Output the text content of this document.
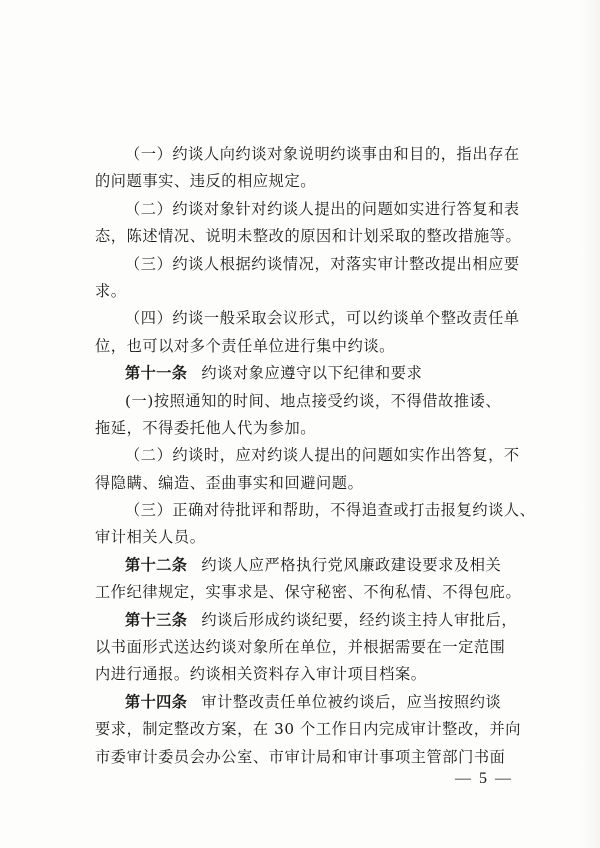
（一）约谈人向约谈对象说明约谈事由和目的，指出存在
的问题事实、违反的相应规定。
（二）约谈对象针对约谈人提出的问题如实进行答复和表
态，陈述情况、说明未整改的原因和计划采取的整改措施等。
（三）约谈人根据约谈情况，对落实审计整改提出相应要
求。
（四）约谈一般采取会议形式，可以约谈单个整改责任单
位，也可以对多个责任单位进行集中约谈。
第十一条 约谈对象应遵守以下纪律和要求
(一)按照通知的时间、地点接受约谈，不得借故推诿、
拖延，不得委托他人代为参加。
（二）约谈时，应对约谈人提出的问题如实作出答复，不
得隐瞒、编造、歪曲事实和回避问题。
（三）正确对待批评和帮助，不得追查或打击报复约谈人、
审计相关人员。
第十二条 约谈人应严格执行党风廉政建设要求及相关
工作纪律规定，实事求是、保守秘密、不徇私情、不得包庇。
第十三条 约谈后形成约谈纪要，经约谈主持人审批后，
以书面形式送达约谈对象所在单位，并根据需要在一定范围
内进行通报。约谈相关资料存入审计项目档案。
第十四条 审计整改责任单位被约谈后，应当按照约谈
要求，制定整改方案，在 30 个工作日内完成审计整改，并向
市委审计委员会办公室、市审计局和审计事项主管部门书面
— 5 —
